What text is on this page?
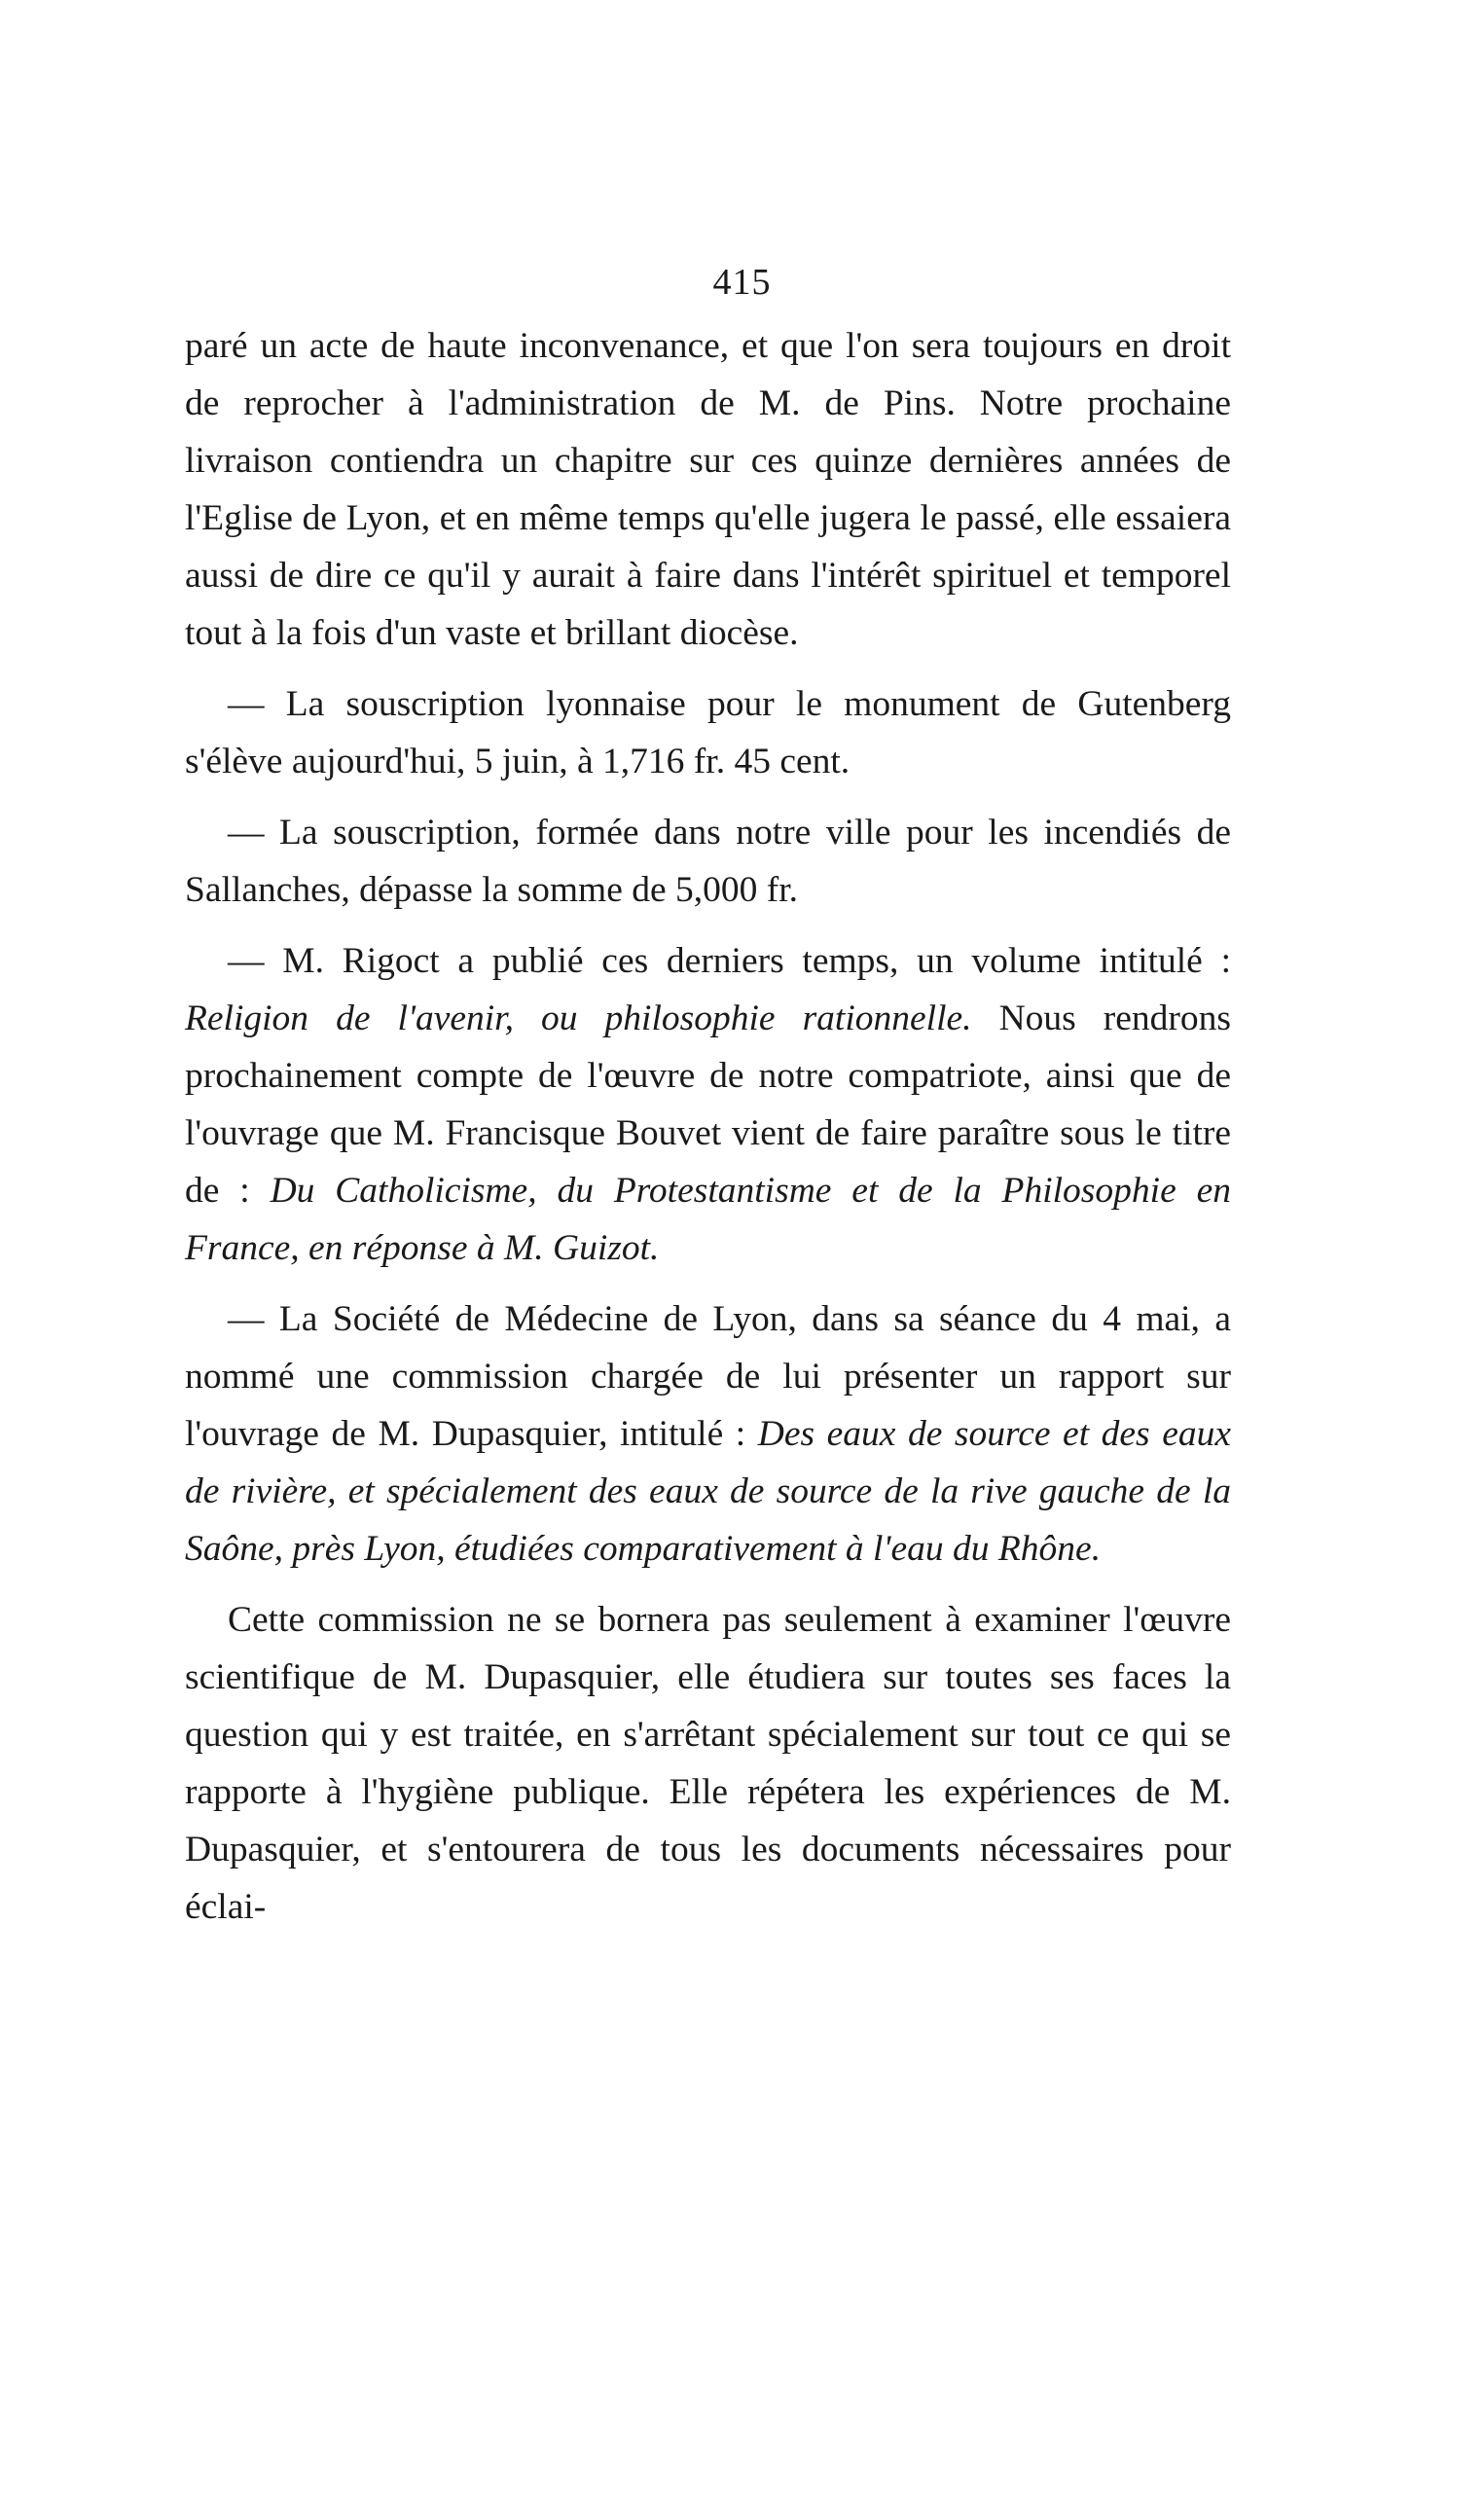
415

paré un acte de haute inconvenance, et que l'on sera toujours en droit de reprocher à l'administration de M. de Pins. Notre prochaine livraison contiendra un chapitre sur ces quinze dernières années de l'Eglise de Lyon, et en même temps qu'elle jugera le passé, elle essaiera aussi de dire ce qu'il y aurait à faire dans l'intérêt spirituel et temporel tout à la fois d'un vaste et brillant diocèse.

— La souscription lyonnaise pour le monument de Gutenberg s'élève aujourd'hui, 5 juin, à 1,716 fr. 45 cent.

— La souscription, formée dans notre ville pour les incendiés de Sallanches, dépasse la somme de 5,000 fr.

— M. Rigoct a publié ces derniers temps, un volume intitulé : Religion de l'avenir, ou philosophie rationnelle. Nous rendrons prochainement compte de l'œuvre de notre compatriote, ainsi que de l'ouvrage que M. Francisque Bouvet vient de faire paraître sous le titre de : Du Catholicisme, du Protestantisme et de la Philosophie en France, en réponse à M. Guizot.

— La Société de Médecine de Lyon, dans sa séance du 4 mai, a nommé une commission chargée de lui présenter un rapport sur l'ouvrage de M. Dupasquier, intitulé : Des eaux de source et des eaux de rivière, et spécialement des eaux de source de la rive gauche de la Saône, près Lyon, étudiées comparativement à l'eau du Rhône.

Cette commission ne se bornera pas seulement à examiner l'œuvre scientifique de M. Dupasquier, elle étudiera sur toutes ses faces la question qui y est traitée, en s'arrêtant spécialement sur tout ce qui se rapporte à l'hygiène publique. Elle répétera les expériences de M. Dupasquier, et s'entourera de tous les documents nécessaires pour éclai-
